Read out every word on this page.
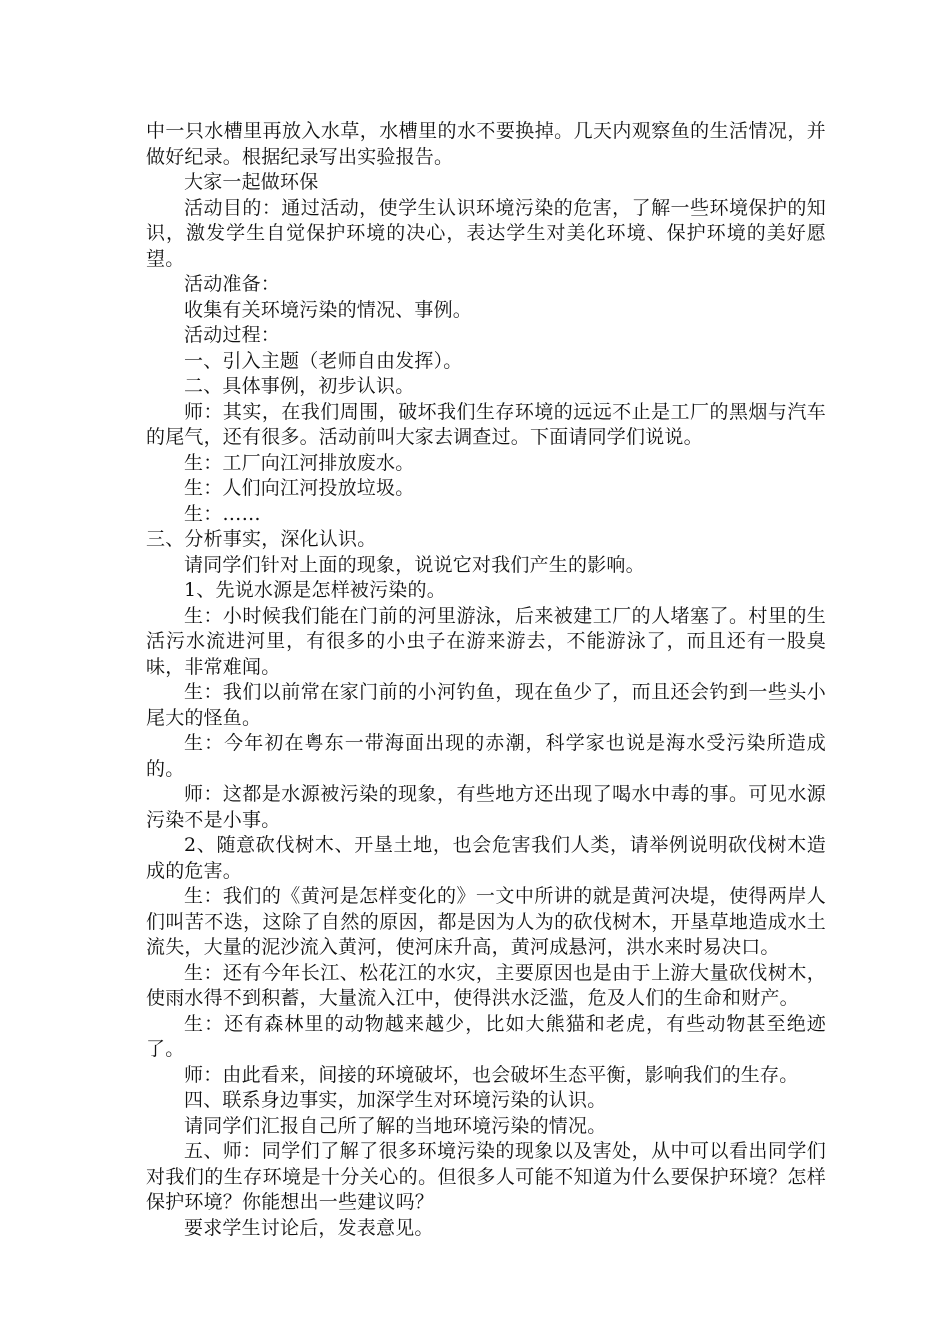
中一只水槽里再放入水草，水槽里的水不要换掉。几天内观察鱼的生活情况，并做好纪录。根据纪录写出实验报告。

大家一起做环保

活动目的：通过活动，使学生认识环境污染的危害，了解一些环境保护的知识，激发学生自觉保护环境的决心，表达学生对美化环境、保护环境的美好愿望。

活动准备：

收集有关环境污染的情况、事例。

活动过程：

一、引入主题（老师自由发挥）。

二、具体事例，初步认识。

师：其实，在我们周围，破坏我们生存环境的远远不止是工厂的黑烟与汽车的尾气，还有很多。活动前叫大家去调查过。下面请同学们说说。

生：工厂向江河排放废水。

生：人们向江河投放垃圾。

生：……

三、分析事实，深化认识。

请同学们针对上面的现象，说说它对我们产生的影响。

1、先说水源是怎样被污染的。

生：小时候我们能在门前的河里游泳，后来被建工厂的人堵塞了。村里的生活污水流进河里，有很多的小虫子在游来游去，不能游泳了，而且还有一股臭味，非常难闻。

生：我们以前常在家门前的小河钓鱼，现在鱼少了，而且还会钓到一些头小尾大的怪鱼。

生：今年初在粤东一带海面出现的赤潮，科学家也说是海水受污染所造成的。

师：这都是水源被污染的现象，有些地方还出现了喝水中毒的事。可见水源污染不是小事。

2、随意砍伐树木、开垦土地，也会危害我们人类，请举例说明砍伐树木造成的危害。

生：我们的《黄河是怎样变化的》一文中所讲的就是黄河决堤，使得两岸人们叫苦不迭，这除了自然的原因，都是因为人为的砍伐树木，开垦草地造成水土流失，大量的泥沙流入黄河，使河床升高，黄河成悬河，洪水来时易决口。

生：还有今年长江、松花江的水灾，主要原因也是由于上游大量砍伐树木，使雨水得不到积蓄，大量流入江中，使得洪水泛滥，危及人们的生命和财产。

生：还有森林里的动物越来越少，比如大熊猫和老虎，有些动物甚至绝迹了。

师：由此看来，间接的环境破坏，也会破坏生态平衡，影响我们的生存。

四、联系身边事实，加深学生对环境污染的认识。

请同学们汇报自己所了解的当地环境污染的情况。

五、师：同学们了解了很多环境污染的现象以及害处，从中可以看出同学们对我们的生存环境是十分关心的。但很多人可能不知道为什么要保护环境？怎样保护环境？你能想出一些建议吗？

要求学生讨论后，发表意见。
